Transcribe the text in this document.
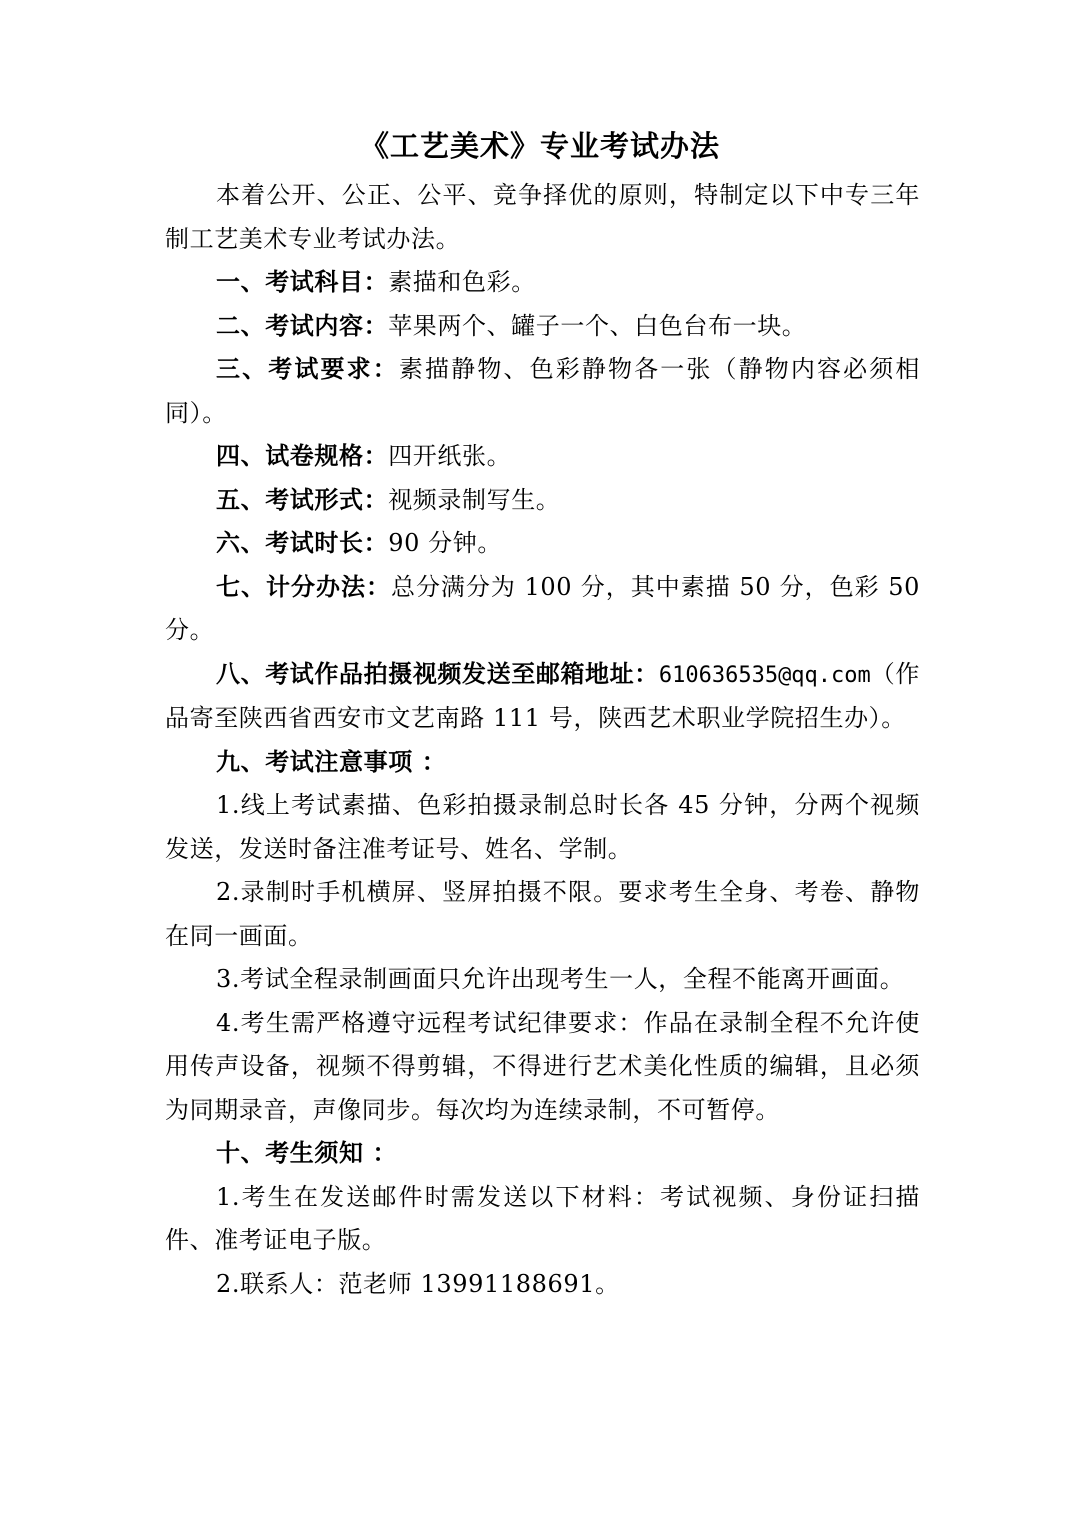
《工艺美术》专业考试办法

本着公开、公正、公平、竞争择优的原则，特制定以下中专三年制工艺美术专业考试办法。

一、考试科目：素描和色彩。

二、考试内容：苹果两个、罐子一个、白色台布一块。

三、考试要求：素描静物、色彩静物各一张（静物内容必须相同）。

四、试卷规格：四开纸张。

五、考试形式：视频录制写生。

六、考试时长：90 分钟。

七、计分办法：总分满分为 100 分，其中素描 50 分，色彩 50 分。

八、考试作品拍摄视频发送至邮箱地址：610636535@qq.com（作品寄至陕西省西安市文艺南路 111 号，陕西艺术职业学院招生办）。

九、考试注意事项 ：

1.线上考试素描、色彩拍摄录制总时长各 45 分钟，分两个视频发送，发送时备注准考证号、姓名、学制。

2.录制时手机横屏、竖屏拍摄不限。要求考生全身、考卷、静物在同一画面。

3.考试全程录制画面只允许出现考生一人，全程不能离开画面。

4.考生需严格遵守远程考试纪律要求：作品在录制全程不允许使用传声设备，视频不得剪辑，不得进行艺术美化性质的编辑，且必须为同期录音，声像同步。每次均为连续录制，不可暂停。

十、考生须知 ：

1.考生在发送邮件时需发送以下材料：考试视频、身份证扫描件、准考证电子版。

2.联系人：范老师 13991188691。
